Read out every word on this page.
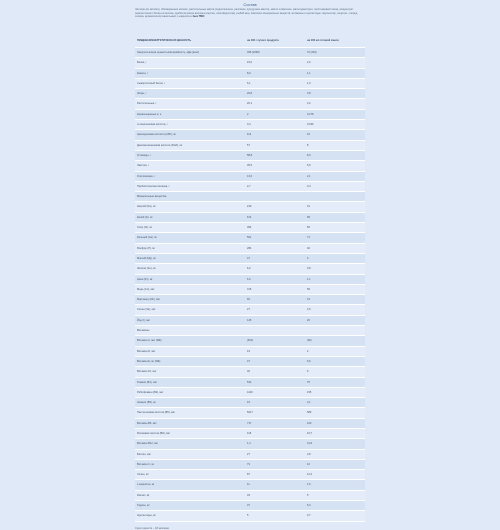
Состав
Чистерн (из молоко), обезжиренное молоко, растительные масла (подсолнечное, рапсовое, кукурузное масло), масло сливочное, мальтодекстрин, тростниковый сахар, концентрат сывороточного белка из молока, пребиотические волокна (инулин, олигофруктоза), рыбий жир, комплекс минеральных веществ, витамины и нуклеотиды, эмульгатор, лецитин, хлорид холина, ароматизатор ванильный, L-карнитин и Без ГМО
ПИЩЕВАЯ/ЭНЕРГЕТИЧЕСКАЯ ЦЕННОСТЬ	на 100 г сухого продукта	на 100 мл готовой смеси
Энергетическая ценность/калорийность, кДж (ккал)	495 (2068)	70 (293)
Белки, г	15,0	2,0
Казеин, г	8,0	1,1
Сывороточный белок, г	6,1	1,0
Жиры, г	26,8	3,8
Растительные, г	20,1	3,2
Ненасыщенные ж. к.	2	0,278
α-линоленовая кислота, г	0,4	0,036
Арахидоновая кислота (АРК), мг	113	16
Докозагексаеновая кислота (DHA), мг	57	8
Углеводы, г	58,8	8,3
Лактоза, г	35,5	5,0
Олигосахара, г	13,6	2,1
Пребиотические волокна, г	2,7	0,4
Минеральные вещества		
Натрий (Na), мг	219	31
Калий (K), мг	674	95
Хлор (Cl), мг	394	56
Кальций (Ca), мг	501	71
Фосфор (P), мг	284	40
Магний (Mg), мг	47	6
Железо (Fe), мг	6,0	0,8
Цинк (Zn), мг	6,0	1,1
Медь (Cu), мкг	415	59
Марганец (Mn), мкг	60	13
Селен (Se), мкг	27	4,5
Йод (I), мкг	145	20
Витамины		
Витамин А, мкг (МЕ)	(610)	(90)
Витамин D, мкг	19	2
Витамин Е, мг (МЕ)	47	6,6
Витамин К1, мкг	46	6
Тиамин (В1), мкг	533	75
Рибофлавин (В2), мкг	1100	155
Ниацин (В3), мг	15	2,1
Пантотеновая кислота (В5), мкг	5017	589
Витамин В6, мкг	717	100
Фолиевая кислота (В9), мкг	118	16,7
Витамин В12, мкг	1,4	0,24
Биотин, мкг	27	3,8
Витамин С, мг	73	10
Холин, мг	87	12,3
L-карнитин, мг	11	1,5
Инозит, мг	33	5
Таурин, мг	37	5,3
Нуклеотиды, мг	5	0,7
Срок годности – 18 месяцев
